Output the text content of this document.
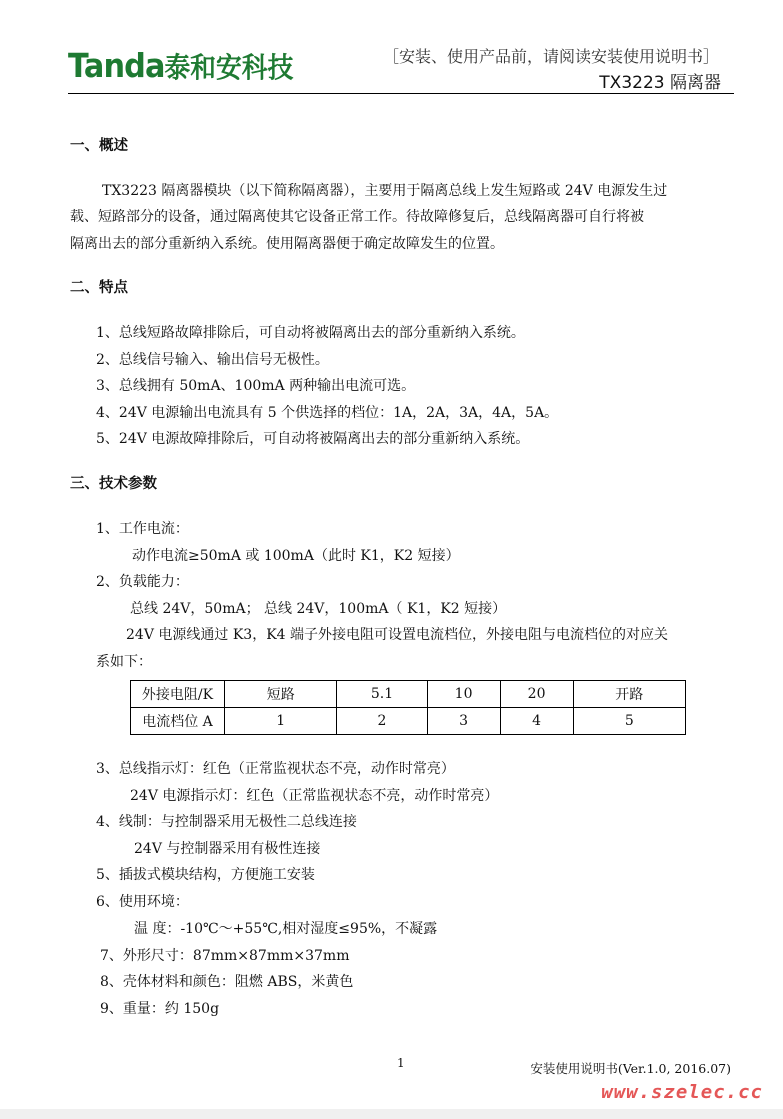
Tanda泰和安科技	［安装、使用产品前，请阅读安装使用说明书］
TX3223 隔离器
一、概述
TX3223 隔离器模块（以下简称隔离器），主要用于隔离总线上发生短路或 24V 电源发生过
载、短路部分的设备，通过隔离使其它设备正常工作。待故障修复后，总线隔离器可自行将被
隔离出去的部分重新纳入系统。使用隔离器便于确定故障发生的位置。
二、特点
1、总线短路故障排除后，可自动将被隔离出去的部分重新纳入系统。
2、总线信号输入、输出信号无极性。
3、总线拥有 50mA、100mA 两种输出电流可选。
4、24V 电源输出电流具有 5 个供选择的档位：1A，2A，3A，4A，5A。
5、24V 电源故障排除后，可自动将被隔离出去的部分重新纳入系统。
三、技术参数
1、工作电流：
动作电流≥50mA 或 100mA（此时 K1，K2 短接）
2、负载能力：
总线 24V，50mA； 总线 24V，100mA（ K1，K2 短接）
24V 电源线通过 K3，K4 端子外接电阻可设置电流档位，外接电阻与电流档位的对应关
系如下：
外接电阻/K	短路	5.1	10	20	开路
电流档位 A	1	2	3	4	5
3、总线指示灯：红色（正常监视状态不亮，动作时常亮）
24V 电源指示灯：红色（正常监视状态不亮，动作时常亮）
4、线制：与控制器采用无极性二总线连接
24V 与控制器采用有极性连接
5、插拔式模块结构，方便施工安装
6、使用环境：
温 度：-10℃～+55℃,相对湿度≤95%，不凝露
7、外形尺寸：87mm×87mm×37mm
8、壳体材料和颜色：阻燃 ABS，米黄色
9、重量：约 150g
1	安装使用说明书(Ver.1.0, 2016.07)
www.szelec.cc
